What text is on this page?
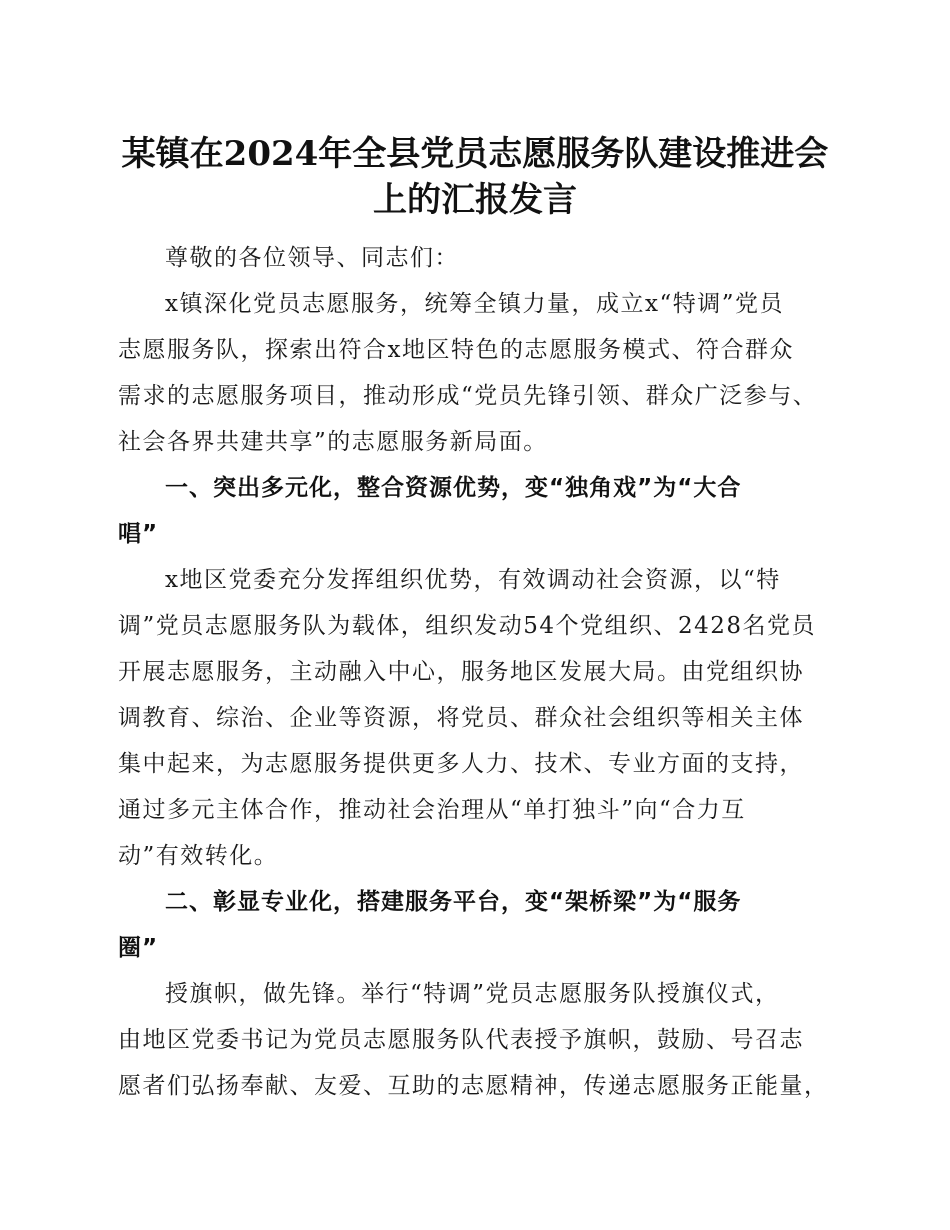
某镇在2024年全县党员志愿服务队建设推进会
上的汇报发言
尊敬的各位领导、同志们：
x镇深化党员志愿服务，统筹全镇力量，成立x“特调”党员
志愿服务队，探索出符合x地区特色的志愿服务模式、符合群众
需求的志愿服务项目，推动形成“党员先锋引领、群众广泛参与、
社会各界共建共享”的志愿服务新局面。
一、突出多元化，整合资源优势，变“独角戏”为“大合
唱”
x地区党委充分发挥组织优势，有效调动社会资源，以“特
调”党员志愿服务队为载体，组织发动54个党组织、2428名党员
开展志愿服务，主动融入中心，服务地区发展大局。由党组织协
调教育、综治、企业等资源，将党员、群众社会组织等相关主体
集中起来，为志愿服务提供更多人力、技术、专业方面的支持，
通过多元主体合作，推动社会治理从“单打独斗”向“合力互
动”有效转化。
二、彰显专业化，搭建服务平台，变“架桥梁”为“服务
圈”
授旗帜，做先锋。举行“特调”党员志愿服务队授旗仪式，
由地区党委书记为党员志愿服务队代表授予旗帜，鼓励、号召志
愿者们弘扬奉献、友爱、互助的志愿精神，传递志愿服务正能量，
